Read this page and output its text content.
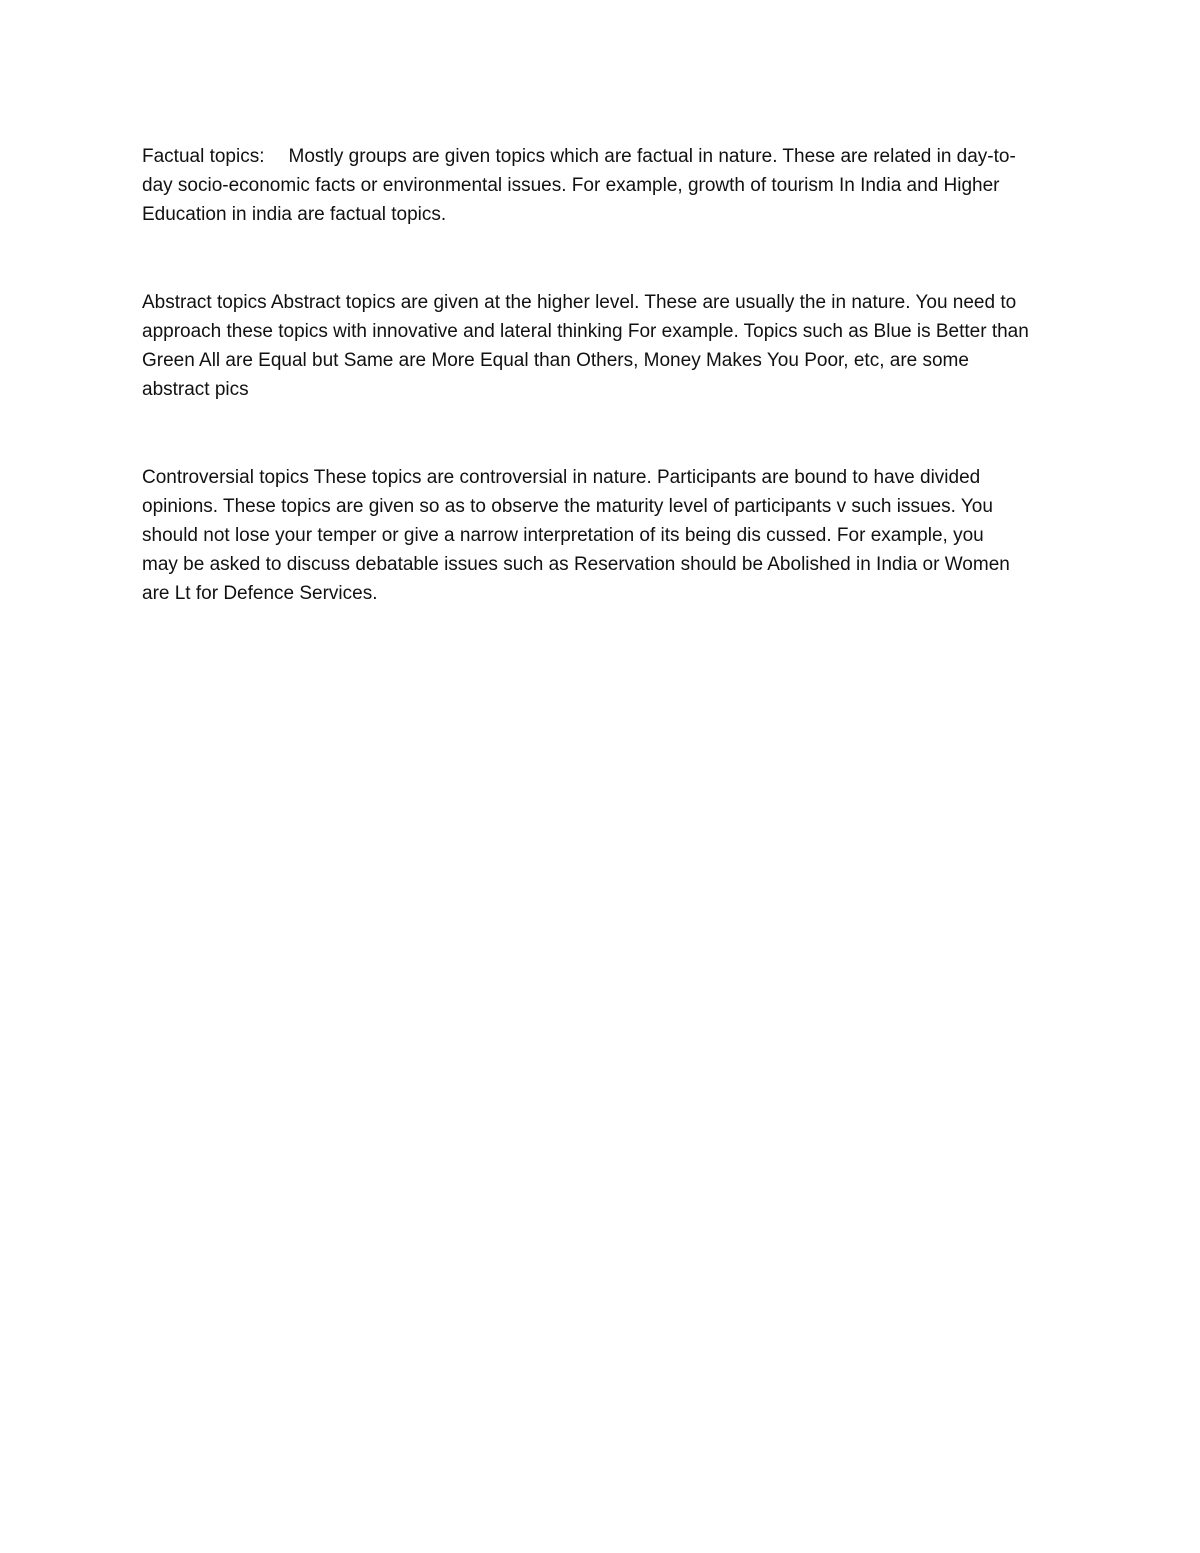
Factual topics: Mostly groups are given topics which are factual in nature. These are related in day-to-
day socio-economic facts or environmental issues. For example, growth of tourism In India and Higher
Education in india are factual topics.

Abstract topics Abstract topics are given at the higher level. These are usually the in nature. You need to
approach these topics with innovative and lateral thinking For example. Topics such as Blue is Better than
Green All are Equal but Same are More Equal than Others, Money Makes You Poor, etc, are some
abstract pics

Controversial topics These topics are controversial in nature. Participants are bound to have divided
opinions. These topics are given so as to observe the maturity level of participants v such issues. You
should not lose your temper or give a narrow interpretation of its being dis cussed. For example, you
may be asked to discuss debatable issues such as Reservation should be Abolished in India or Women
are Lt for Defence Services.
